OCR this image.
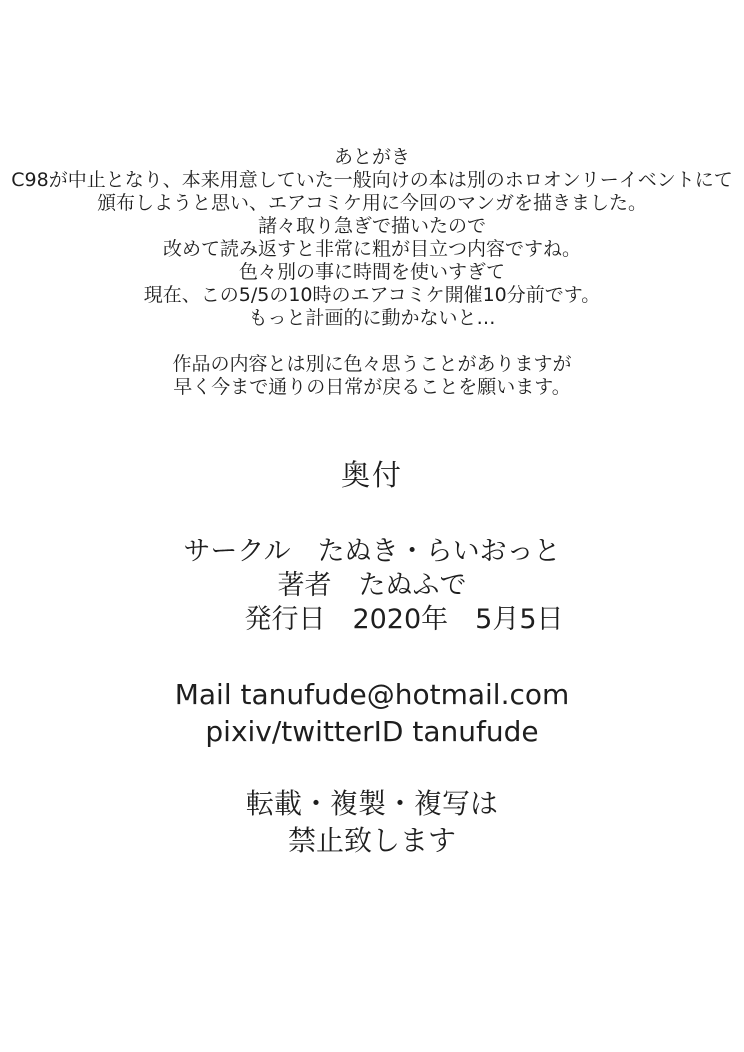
あとがき
C98が中止となり、本来用意していた一般向けの本は別のホロオンリーイベントにて
頒布しようと思い、エアコミケ用に今回のマンガを描きました。
諸々取り急ぎで描いたので
改めて読み返すと非常に粗が目立つ内容ですね。
色々別の事に時間を使いすぎて
現在、この5/5の10時のエアコミケ開催10分前です。
もっと計画的に動かないと…
作品の内容とは別に色々思うことがありますが
早く今まで通りの日常が戻ることを願います。
奥付
サークル　たぬき・らいおっと
著者　たぬふで
発行日　2020年　5月5日
Mail tanufude@hotmail.com
pixiv/twitterID tanufude
転載・複製・複写は
禁止致します
